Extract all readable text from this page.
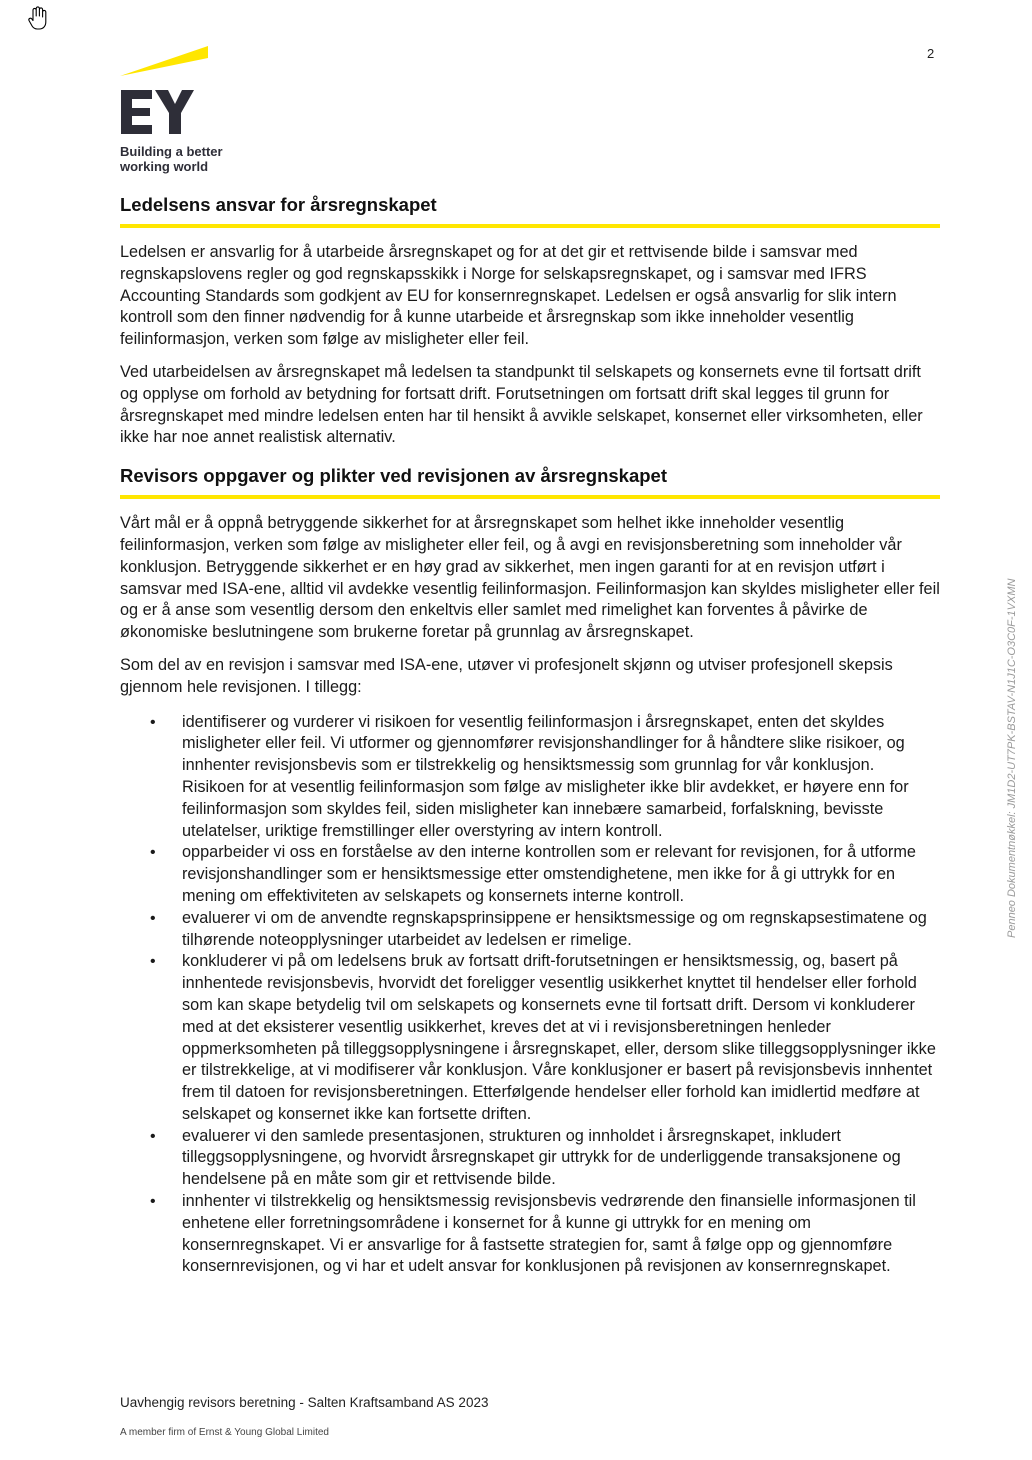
2
Building a better
working world
Ledelsens ansvar for årsregnskapet

Ledelsen er ansvarlig for å utarbeide årsregnskapet og for at det gir et rettvisende bilde i samsvar med regnskapslovens regler og god regnskapsskikk i Norge for selskapsregnskapet, og i samsvar med IFRS Accounting Standards som godkjent av EU for konsernregnskapet. Ledelsen er også ansvarlig for slik intern kontroll som den finner nødvendig for å kunne utarbeide et årsregnskap som ikke inneholder vesentlig feilinformasjon, verken som følge av misligheter eller feil.

Ved utarbeidelsen av årsregnskapet må ledelsen ta standpunkt til selskapets og konsernets evne til fortsatt drift og opplyse om forhold av betydning for fortsatt drift. Forutsetningen om fortsatt drift skal legges til grunn for årsregnskapet med mindre ledelsen enten har til hensikt å avvikle selskapet, konsernet eller virksomheten, eller ikke har noe annet realistisk alternativ.

Revisors oppgaver og plikter ved revisjonen av årsregnskapet

Vårt mål er å oppnå betryggende sikkerhet for at årsregnskapet som helhet ikke inneholder vesentlig feilinformasjon, verken som følge av misligheter eller feil, og å avgi en revisjonsberetning som inneholder vår konklusjon. Betryggende sikkerhet er en høy grad av sikkerhet, men ingen garanti for at en revisjon utført i samsvar med ISA-ene, alltid vil avdekke vesentlig feilinformasjon. Feilinformasjon kan skyldes misligheter eller feil og er å anse som vesentlig dersom den enkeltvis eller samlet med rimelighet kan forventes å påvirke de økonomiske beslutningene som brukerne foretar på grunnlag av årsregnskapet.

Som del av en revisjon i samsvar med ISA-ene, utøver vi profesjonelt skjønn og utviser profesjonell skepsis gjennom hele revisjonen. I tillegg:

• identifiserer og vurderer vi risikoen for vesentlig feilinformasjon i årsregnskapet, enten det skyldes misligheter eller feil. Vi utformer og gjennomfører revisjonshandlinger for å håndtere slike risikoer, og innhenter revisjonsbevis som er tilstrekkelig og hensiktsmessig som grunnlag for vår konklusjon. Risikoen for at vesentlig feilinformasjon som følge av misligheter ikke blir avdekket, er høyere enn for feilinformasjon som skyldes feil, siden misligheter kan innebære samarbeid, forfalskning, bevisste utelatelser, uriktige fremstillinger eller overstyring av intern kontroll.
• opparbeider vi oss en forståelse av den interne kontrollen som er relevant for revisjonen, for å utforme revisjonshandlinger som er hensiktsmessige etter omstendighetene, men ikke for å gi uttrykk for en mening om effektiviteten av selskapets og konsernets interne kontroll.
• evaluerer vi om de anvendte regnskapsprinsippene er hensiktsmessige og om regnskapsestimatene og tilhørende noteopplysninger utarbeidet av ledelsen er rimelige.
• konkluderer vi på om ledelsens bruk av fortsatt drift-forutsetningen er hensiktsmessig, og, basert på innhentede revisjonsbevis, hvorvidt det foreligger vesentlig usikkerhet knyttet til hendelser eller forhold som kan skape betydelig tvil om selskapets og konsernets evne til fortsatt drift. Dersom vi konkluderer med at det eksisterer vesentlig usikkerhet, kreves det at vi i revisjonsberetningen henleder oppmerksomheten på tilleggsopplysningene i årsregnskapet, eller, dersom slike tilleggsopplysninger ikke er tilstrekkelige, at vi modifiserer vår konklusjon. Våre konklusjoner er basert på revisjonsbevis innhentet frem til datoen for revisjonsberetningen. Etterfølgende hendelser eller forhold kan imidlertid medføre at selskapet og konsernet ikke kan fortsette driften.
• evaluerer vi den samlede presentasjonen, strukturen og innholdet i årsregnskapet, inkludert tilleggsopplysningene, og hvorvidt årsregnskapet gir uttrykk for de underliggende transaksjonene og hendelsene på en måte som gir et rettvisende bilde.
• innhenter vi tilstrekkelig og hensiktsmessig revisjonsbevis vedrørende den finansielle informasjonen til enhetene eller forretningsområdene i konsernet for å kunne gi uttrykk for en mening om konsernregnskapet. Vi er ansvarlige for å fastsette strategien for, samt å følge opp og gjennomføre konsernrevisjonen, og vi har et udelt ansvar for konklusjonen på revisjonen av konsernregnskapet.
Uavhengig revisors beretning - Salten Kraftsamband AS 2023
A member firm of Ernst & Young Global Limited
Penneo Dokumentnøkkel: JM1D2-UT7PK-BSTAV-N1J1C-O3C0F-1VXMN
